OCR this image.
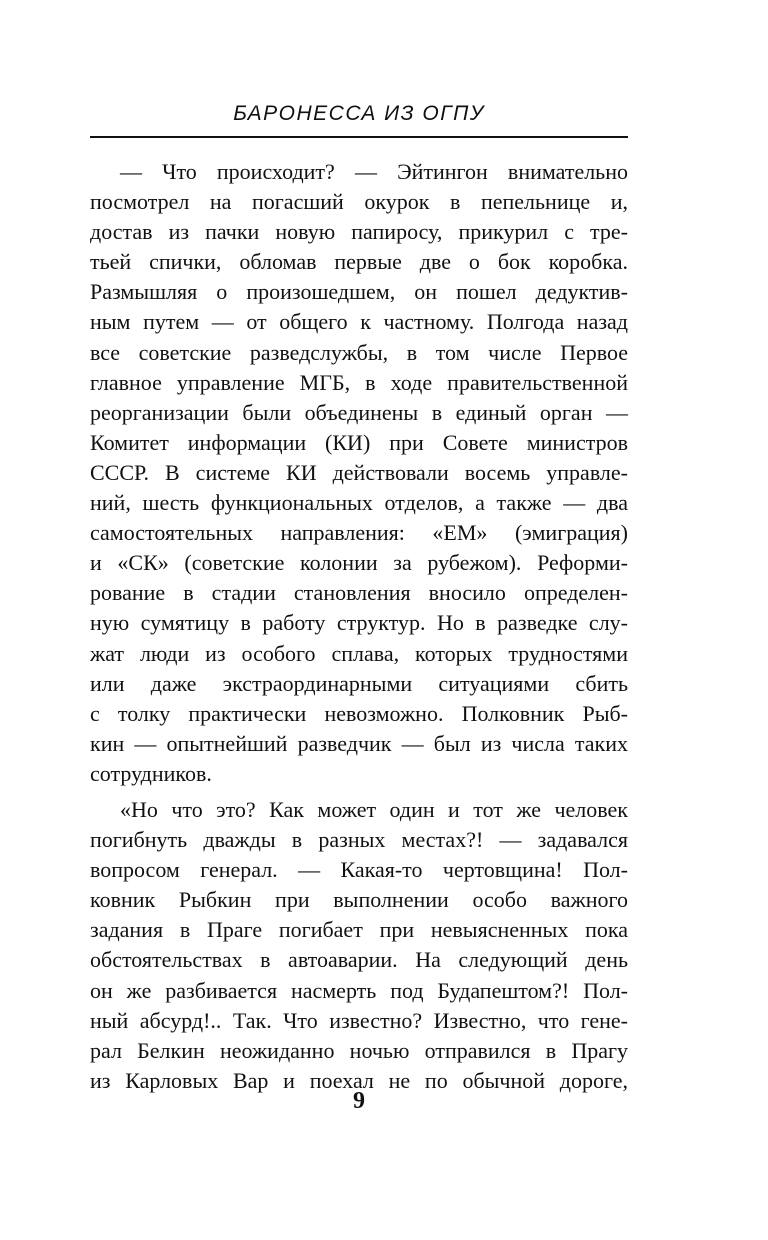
БАРОНЕССА ИЗ ОГПУ
— Что происходит? — Эйтингон внимательно
посмотрел на погасший окурок в пепельнице и,
достав из пачки новую папиросу, прикурил с тре-
тьей спички, обломав первые две о бок коробка.
Размышляя о произошедшем, он пошел дедуктив-
ным путем — от общего к частному. Полгода назад
все советские разведслужбы, в том числе Первое
главное управление МГБ, в ходе правительственной
реорганизации были объединены в единый орган —
Комитет информации (КИ) при Совете министров
СССР. В системе КИ действовали восемь управле-
ний, шесть функциональных отделов, а также — два
самостоятельных направления: «ЕМ» (эмиграция)
и «СК» (советские колонии за рубежом). Реформи-
рование в стадии становления вносило определен-
ную сумятицу в работу структур. Но в разведке слу-
жат люди из особого сплава, которых трудностями
или даже экстраординарными ситуациями сбить
с толку практически невозможно. Полковник Рыб-
кин — опытнейший разведчик — был из числа таких
сотрудников.
«Но что это? Как может один и тот же человек
погибнуть дважды в разных местах?! — задавался
вопросом генерал. — Какая-то чертовщина! Пол-
ковник Рыбкин при выполнении особо важного
задания в Праге погибает при невыясненных пока
обстоятельствах в автоаварии. На следующий день
он же разбивается насмерть под Будапештом?! Пол-
ный абсурд!.. Так. Что известно? Известно, что гене-
рал Белкин неожиданно ночью отправился в Прагу
из Карловых Вар и поехал не по обычной дороге,
9
